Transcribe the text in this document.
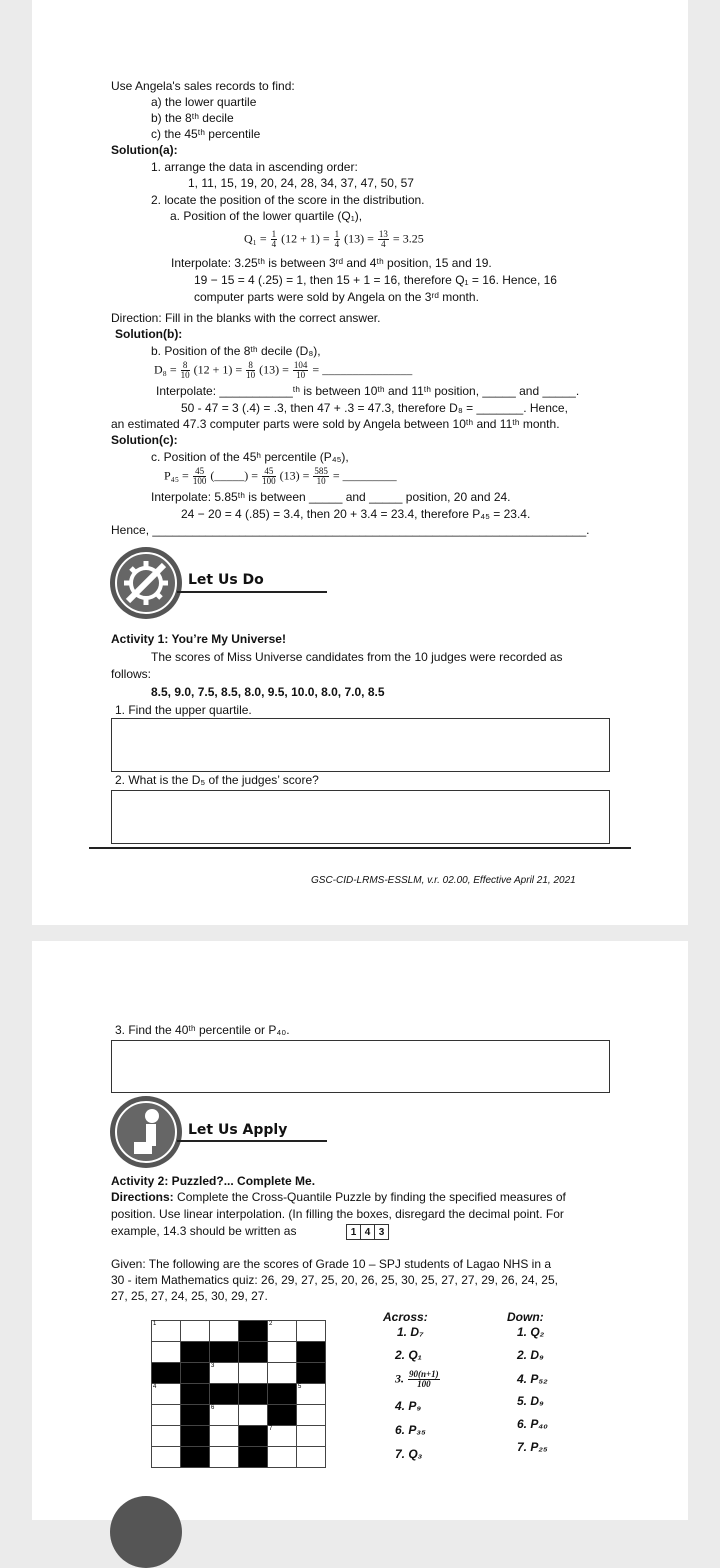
Use Angela's sales records to find:
a) the lower quartile
b) the 8ᵗʰ decile
c) the 45ᵗʰ percentile
Solution(a):
1. arrange the data in ascending order:
1, 11, 15, 19, 20, 24, 28, 34, 37, 47, 50, 57
2. locate the position of the score in the distribution.
a. Position of the lower quartile (Q₁),
$Q_1 = \frac{1}{4} (12 + 1) = \frac{1}{4} (13) = \frac{13}{4} = 3.25$
Interpolate: 3.25ᵗʰ is between 3ʳᵈ and 4ᵗʰ position, 15 and 19.
19 − 15 = 4 (.25) = 1, then 15 + 1 = 16, therefore Q₁ = 16. Hence, 16
computer parts were sold by Angela on the 3ʳᵈ month.
Direction: Fill in the blanks with the correct answer.
Solution(b):
b. Position of the 8ᵗʰ decile (D₈),
$D_8 = \frac{8}{10} (12 + 1) = \frac{8}{10} (13) = \frac{104}{10}$ = _______________
Interpolate: ___________ᵗʰ is between 10ᵗʰ and 11ᵗʰ position, _____ and _____.
50 - 47 = 3 (.4) = .3, then 47 + .3 = 47.3, therefore D₈ = _______. Hence,
an estimated 47.3 computer parts were sold by Angela between 10ᵗʰ and 11ᵗʰ month.
Solution(c):
c. Position of the 45ʰ percentile (P₄₅),
$P_{45} = \frac{45}{100}$ (_____) = $\frac{45}{100} (13) = \frac{585}{10}$ = _________
Interpolate: 5.85ᵗʰ is between _____ and _____ position, 20 and 24.
24 − 20 = 4 (.85) = 3.4, then 20 + 3.4 = 23.4, therefore P₄₅ = 23.4.
Hence, _________________________________________________________________.
Let Us Do
Activity 1: You’re My Universe!
The scores of Miss Universe candidates from the 10 judges were recorded as
follows:
8.5, 9.0, 7.5, 8.5, 8.0, 9.5, 10.0, 8.0, 7.0, 8.5
1. Find the upper quartile.
2. What is the D₅ of the judges’ score?
GSC-CID-LRMS-ESSLM, v.r. 02.00, Effective April 21, 2021
3. Find the 40ᵗʰ percentile or P₄₀.
Let Us Apply
Activity 2: Puzzled?... Complete Me.
Directions: Complete the Cross-Quantile Puzzle by finding the specified measures of
position. Use linear interpolation. (In filling the boxes, disregard the decimal point. For
example, 14.3 should be written as	1	4	3
Given: The following are the scores of Grade 10 – SPJ students of Lagao NHS in a
30 - item Mathematics quiz: 26, 29, 27, 25, 20, 26, 25, 30, 25, 27, 27, 29, 26, 24, 25,
27, 25, 27, 24, 25, 30, 29, 27.
1				2	

		3			

4					5

		6			

				7	

Across:
1. D₇
2. Q₁
3. $\frac{90(n+1)}{100}$
4. P₉
6. P₃₅
7. Q₃
Down:
1. Q₂
2. D₉
4. P₅₂
5. D₉
6. P₄₀
7. P₂₅
